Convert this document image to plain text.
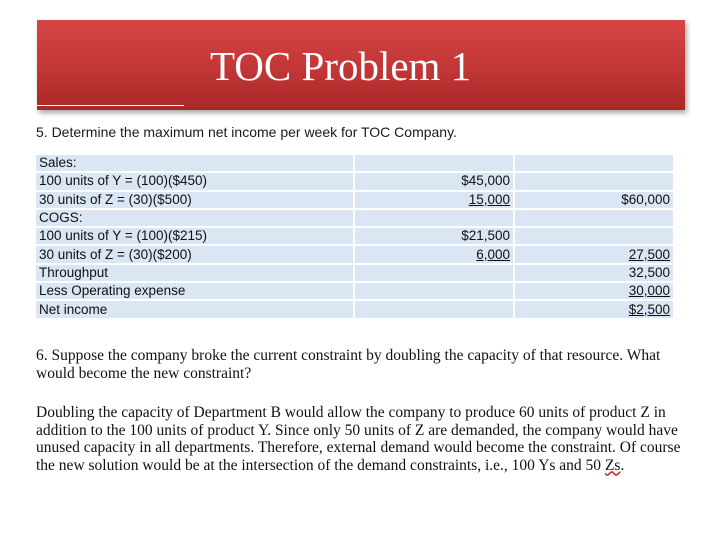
TOC Problem 1
5. Determine the maximum net income per week for TOC Company.
Sales:		
100 units of Y = (100)($450)	$45,000	
30 units of Z = (30)($500)	15,000	$60,000
COGS:		
100 units of Y = (100)($215)	$21,500	
30 units of Z = (30)($200)	6,000	27,500
Throughput		32,500
Less Operating expense		30,000
Net income		$2,500
6. Suppose the company broke the current constraint by doubling the capacity of that resource. What would become the new constraint?
Doubling the capacity of Department B would allow the company to produce 60 units of product Z in addition to the 100 units of product Y. Since only 50 units of Z are demanded, the company would have unused capacity in all departments. Therefore, external demand would become the constraint. Of course the new solution would be at the intersection of the demand constraints, i.e., 100 Ys and 50 Zs.
